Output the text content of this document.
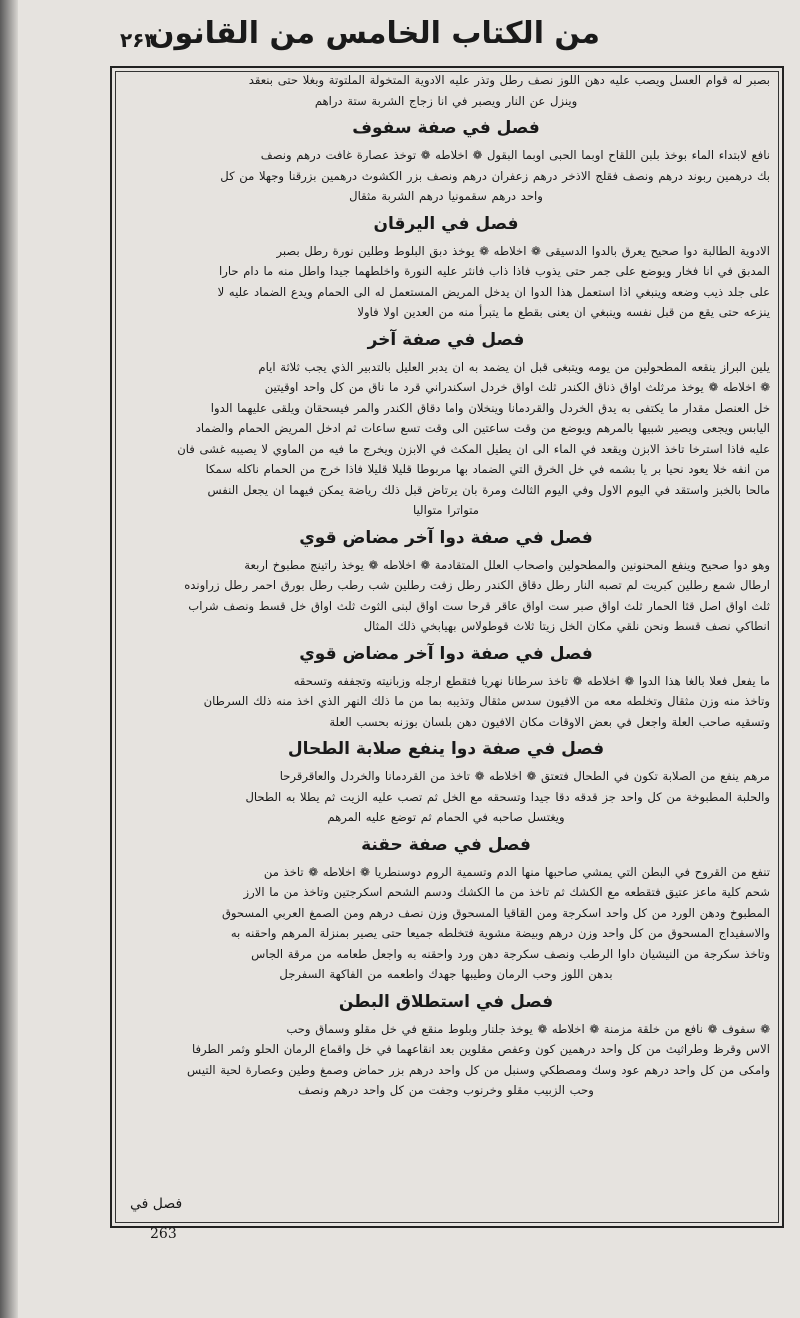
۲۶۳
من الكتاب الخامس من القانون
بصبر له قوام العسل ويصب عليه دهن اللوز نصف رطل وتذر عليه الادوية المتخولة الملتوتة وبغلا حتى بنعقد
وينزل عن النار ويصبر في انا زجاج الشربة ستة دراهم
فصل في صفة سفوف
نافع لابتداء الماء بوخذ بلبن اللقاح اوبما الحبى اوبما البقول ❁ اخلاطه ❁ توخذ عصارة غافت درهم ونصف
بك درهمين ربوند درهم ونصف فقلج الاذخر درهم زعفران درهم ونصف بزر الكشوث درهمين بزرقنا وجهلا من كل
واحد درهم سقمونيا درهم الشربة مثقال
فصل في اليرقان
الادوية الطالبة دوا صحيح يعرق بالدوا الدسيقى ❁ اخلاطه ❁ يوخذ دبق البلوط وطلين نورة رطل بصبر
المدبق في انا فخار ويوضع على جمر حتى يذوب فاذا ذاب فانثر عليه النورة واخلطهما جيدا واطل منه ما دام حارا
على جلد ذيب وضعه وينبغي اذا استعمل هذا الدوا ان يدخل المريض المستعمل له الى الحمام ويدع الضماد عليه لا
ينزعه حتى يقع من قبل نفسه وينبغي ان يعنى بقطع ما يتبرأ منه من العدين اولا فاولا
فصل في صفة آخر
يلين البراز ينقعه المطحولين من يومه ويتبغى قبل ان يضمد به ان يدبر العليل بالتدبير الذي يجب ثلاثة ايام
❁ اخلاطه ❁ يوخذ مرثلث اواق ذناق الكندر ثلث اواق خردل اسكندراني قرد ما ناق من كل واحد اوقيتين
خل العنصل مقدار ما يكتفى به يدق الخردل والقردمانا وينخلان واما دقاق الكندر والمر فيسحقان ويلقى عليهما الدوا
اليابس ويجعى ويصير شبيها بالمرهم ويوضع من وقت ساعتين الى وقت تسع ساعات ثم ادخل المريض الحمام والضماد
عليه فاذا استرخا تاخذ الابزن ويقعد في الماء الى ان يطيل المكث في الابزن ويخرج ما فيه من الماوي لا يصيبه غشى فان
من انفه خلا يعود نحيا بر يا بشمه في خل الخرق التي الضماد بها مربوطا قليلا قليلا فاذا خرج من الحمام ناكله سمكا
مالحا بالخبز واستقد في اليوم الاول وفي اليوم الثالث ومرة بان يرتاض قبل ذلك رياضة يمكن فيهما ان يجعل النفس
متواترا متواليا
فصل في صفة دوا آخر مضاض قوي
وهو دوا صحيح وينفع المحنونين والمطحولين واصحاب العلل المتقادمة ❁ اخلاطه ❁ يوخذ راتينج مطبوخ اربعة
ارطال شمع رطلين كبريت لم تصبه النار رطل دقاق الكندر رطل زفت رطلين شب رطب رطل بورق احمر رطل زراونده
ثلث اواق اصل قثا الحمار ثلث اواق صبر ست اواق عاقر قرحا ست اواق لبنى الثوث ثلث اواق خل قسط ونصف شراب
انطاكي نصف قسط ونحن نلقي مكان الخل زيتا ثلاث قوطولاس بهيابخي ذلك المثال
فصل في صفة دوا آخر مضاض قوي
ما يفعل فعلا بالغا هذا الدوا ❁ اخلاطه ❁ تاخذ سرطانا نهريا فتقطع ارجله وزبانيته وتجففه وتسحقه
وتاخذ منه وزن مثقال وتخلطه معه من الافيون سدس مثقال وتذيبه بما من ما ذلك النهر الذي اخذ منه ذلك السرطان
وتسقيه صاحب العلة واجعل في بعض الاوقات مكان الافيون دهن بلسان بوزنه بحسب العلة
فصل في صفة دوا ينفع صلابة الطحال
مرهم ينفع من الصلابة تكون في الطحال فتعتق ❁ اخلاطه ❁ تاخذ من القردمانا والخردل والعاقرقرحا
والحلبة المطبوخة من كل واحد جز قدقه دقا جيدا وتسحقه مع الخل ثم تصب عليه الزيت ثم يطلا به الطحال
ويغتسل صاحبه في الحمام ثم توضع عليه المرهم
فصل في صفة حقنة
تنفع من القروح في البطن التي يمشي صاحبها منها الدم وتسمية الروم دوسنطريا ❁ اخلاطه ❁ تاخذ من
شحم كلية ماعز عتيق فتقطعه مع الكشك ثم تاخذ من ما الكشك ودسم الشحم اسكرجتين وتاخذ من ما الارز
المطبوخ ودهن الورد من كل واحد اسكرجة ومن القاقيا المسحوق وزن نصف درهم ومن الصمغ العربي المسحوق
والاسفيداج المسحوق من كل واحد وزن درهم وبيضة مشوية فتخلطه جميعا حتى يصير بمنزلة المرهم واحقنه به
وتاخذ سكرجة من النيشيان داوا الرطب ونصف سكرجة دهن ورد واحقنه به واجعل طعامه من مرقة الجاس
بدهن اللوز وحب الرمان وطيبها جهدك واطعمه من الفاكهة السفرجل
فصل في استطلاق البطن
❁ سفوف ❁ نافع من خلقة مزمنة ❁ اخلاطه ❁ يوخذ جلنار وبلوط منقع في خل مقلو وسماق وحب
الاس وقرظ وطراثيث من كل واحد درهمين كون وعفص مقلوين بعد انقاعهما في خل واقماع الرمان الحلو وثمر الطرفا
وامكى من كل واحد درهم عود وسك ومصطكي وسنبل من كل واحد درهم بزر حماض وصمغ وطين وعصارة لحية التيس
وحب الزبيب مقلو وخرنوب وجفت من كل واحد درهم ونصف
فصل في
263
